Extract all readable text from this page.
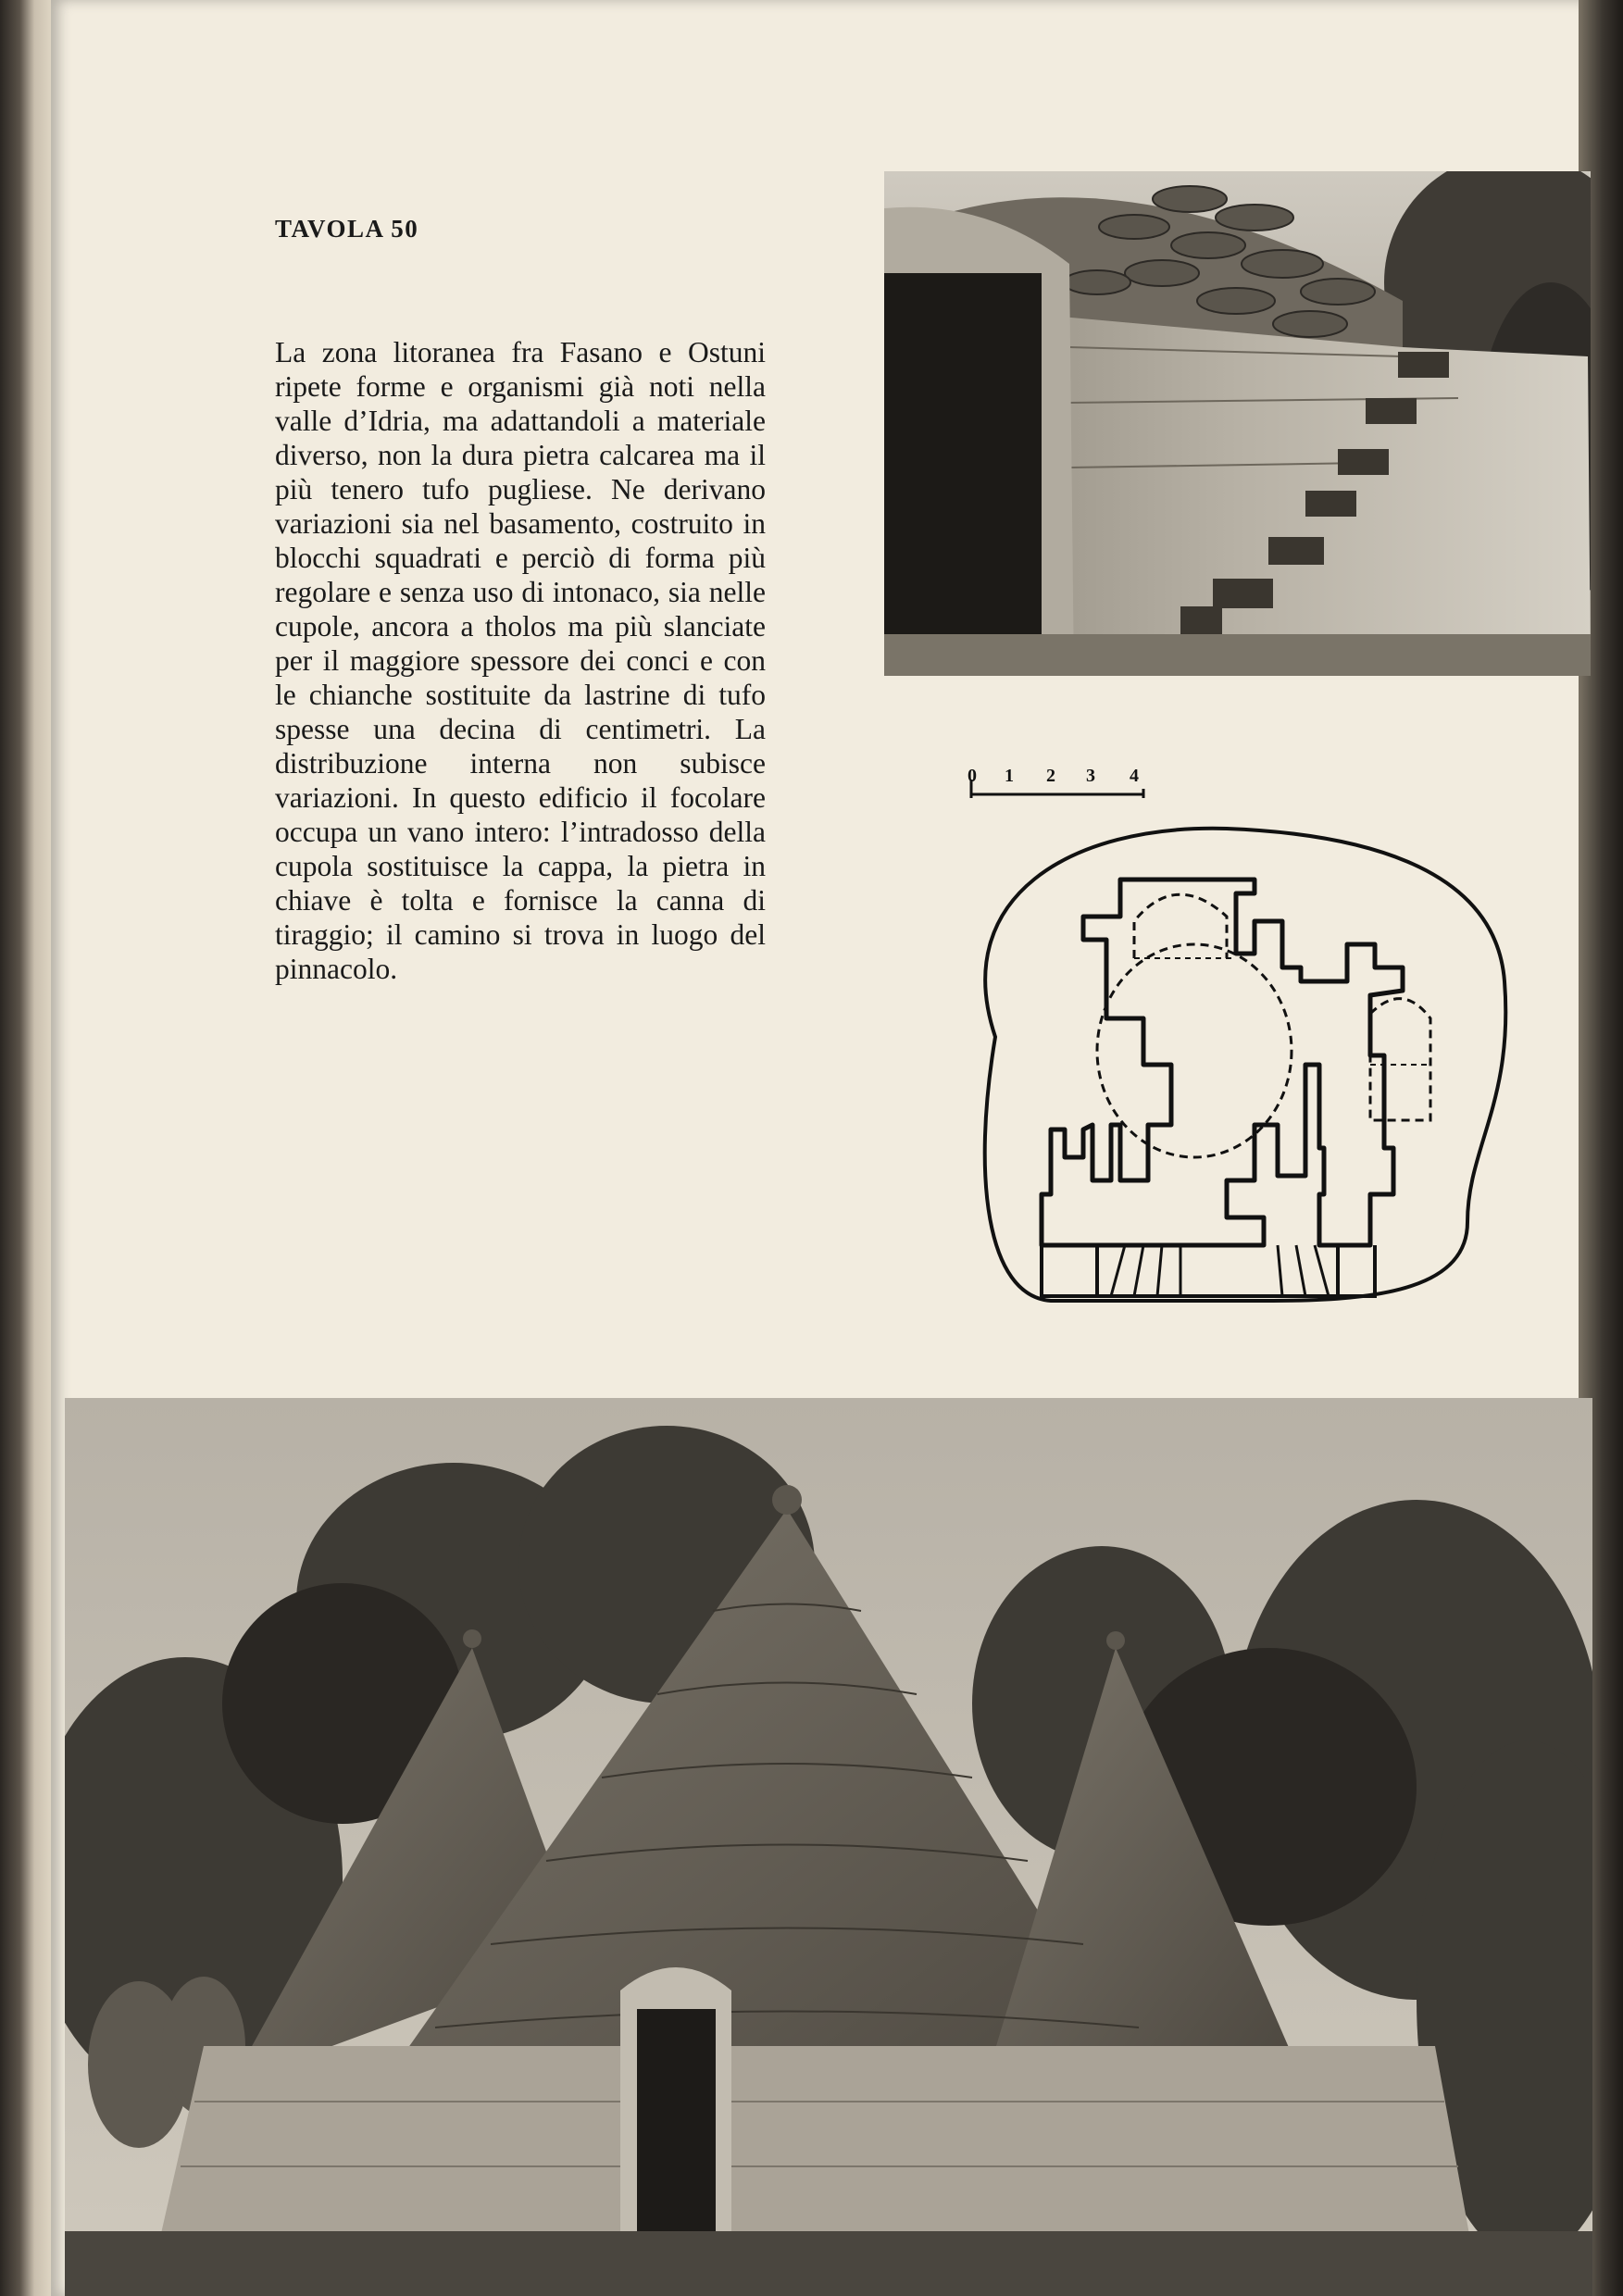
TAVOLA 50
La zona litoranea fra Fasano e Ostuni ripete forme e organismi già noti nella valle d’Idria, ma adattandoli a materiale diverso, non la dura pietra calcarea ma il più tenero tufo pugliese. Ne derivano variazioni sia nel basamento, costruito in blocchi squadrati e perciò di forma più regolare e senza uso di intonaco, sia nelle cupole, ancora a tholos ma più slanciate per il maggiore spessore dei conci e con le chianche sostituite da lastrine di tufo spesse una decina di centimetri. La distribuzione interna non subisce variazioni. In questo edificio il focolare occupa un vano intero: l’intradosso della cupola sostituisce la cappa, la pietra in chiave è tolta e fornisce la canna di tiraggio; il camino si trova in luogo del pinnacolo.
0 1 2 3 4
